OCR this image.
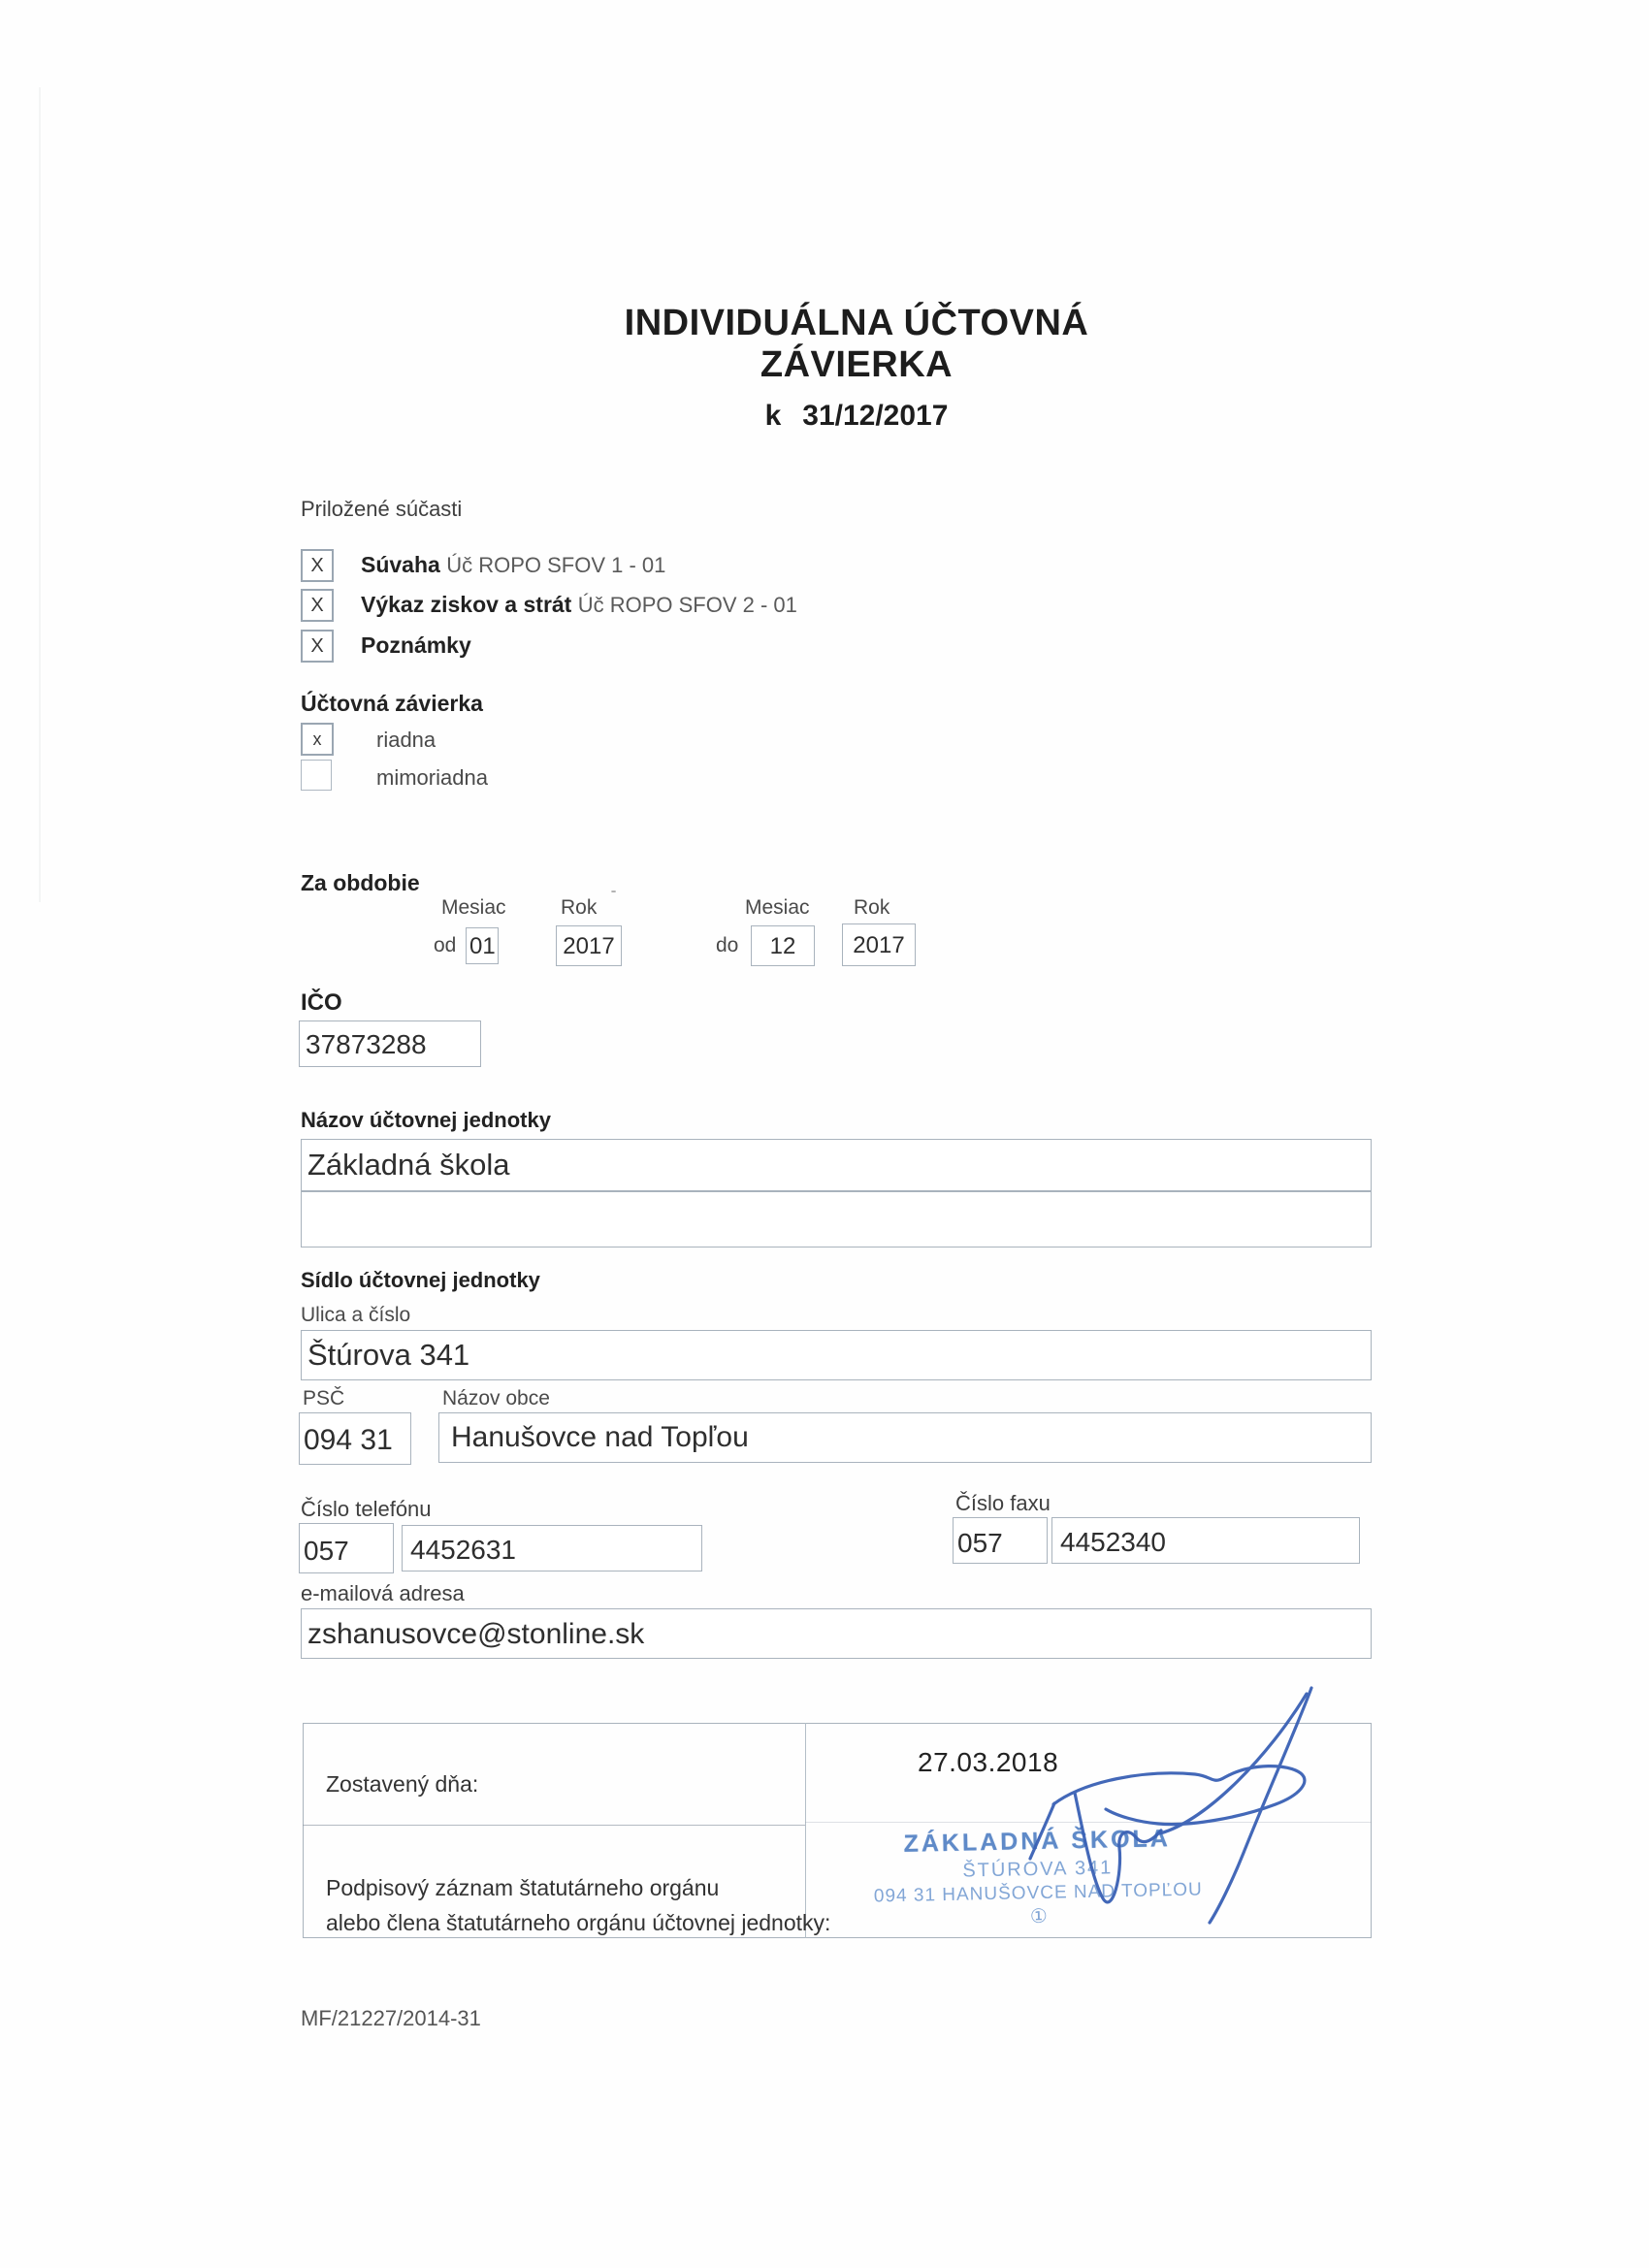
INDIVIDUÁLNA ÚČTOVNÁ ZÁVIERKA
k 31/12/2017
Priložené súčasti
X	Súvaha Úč ROPO SFOV 1 - 01
X	Výkaz ziskov a strát Úč ROPO SFOV 2 - 01
X	Poznámky
Účtovná závierka
x	riadna
mimoriadna
Za obdobie
Mesiac	Rok ˉ	Mesiac Rok
od 01	2017	do	12	2017
IČO
37873288
Názov účtovnej jednotky
Základná škola
Sídlo účtovnej jednotky
Ulica a číslo
Štúrova 341
PSČ	Názov obce
094 31	Hanušovce nad Topľou
Číslo telefónu	Číslo faxu
057	4452631	057	4452340
e-mailová adresa
zshanusovce@stonline.sk
Zostavený dňa:
27.03.2018
Podpisový záznam štatutárneho orgánu
alebo člena štatutárneho orgánu účtovnej jednotky:
ZÁKLADNÁ ŠKOLA
ŠTÚROVA 341
094 31 HANUŠOVCE NAD TOPĽOU
①
MF/21227/2014-31
